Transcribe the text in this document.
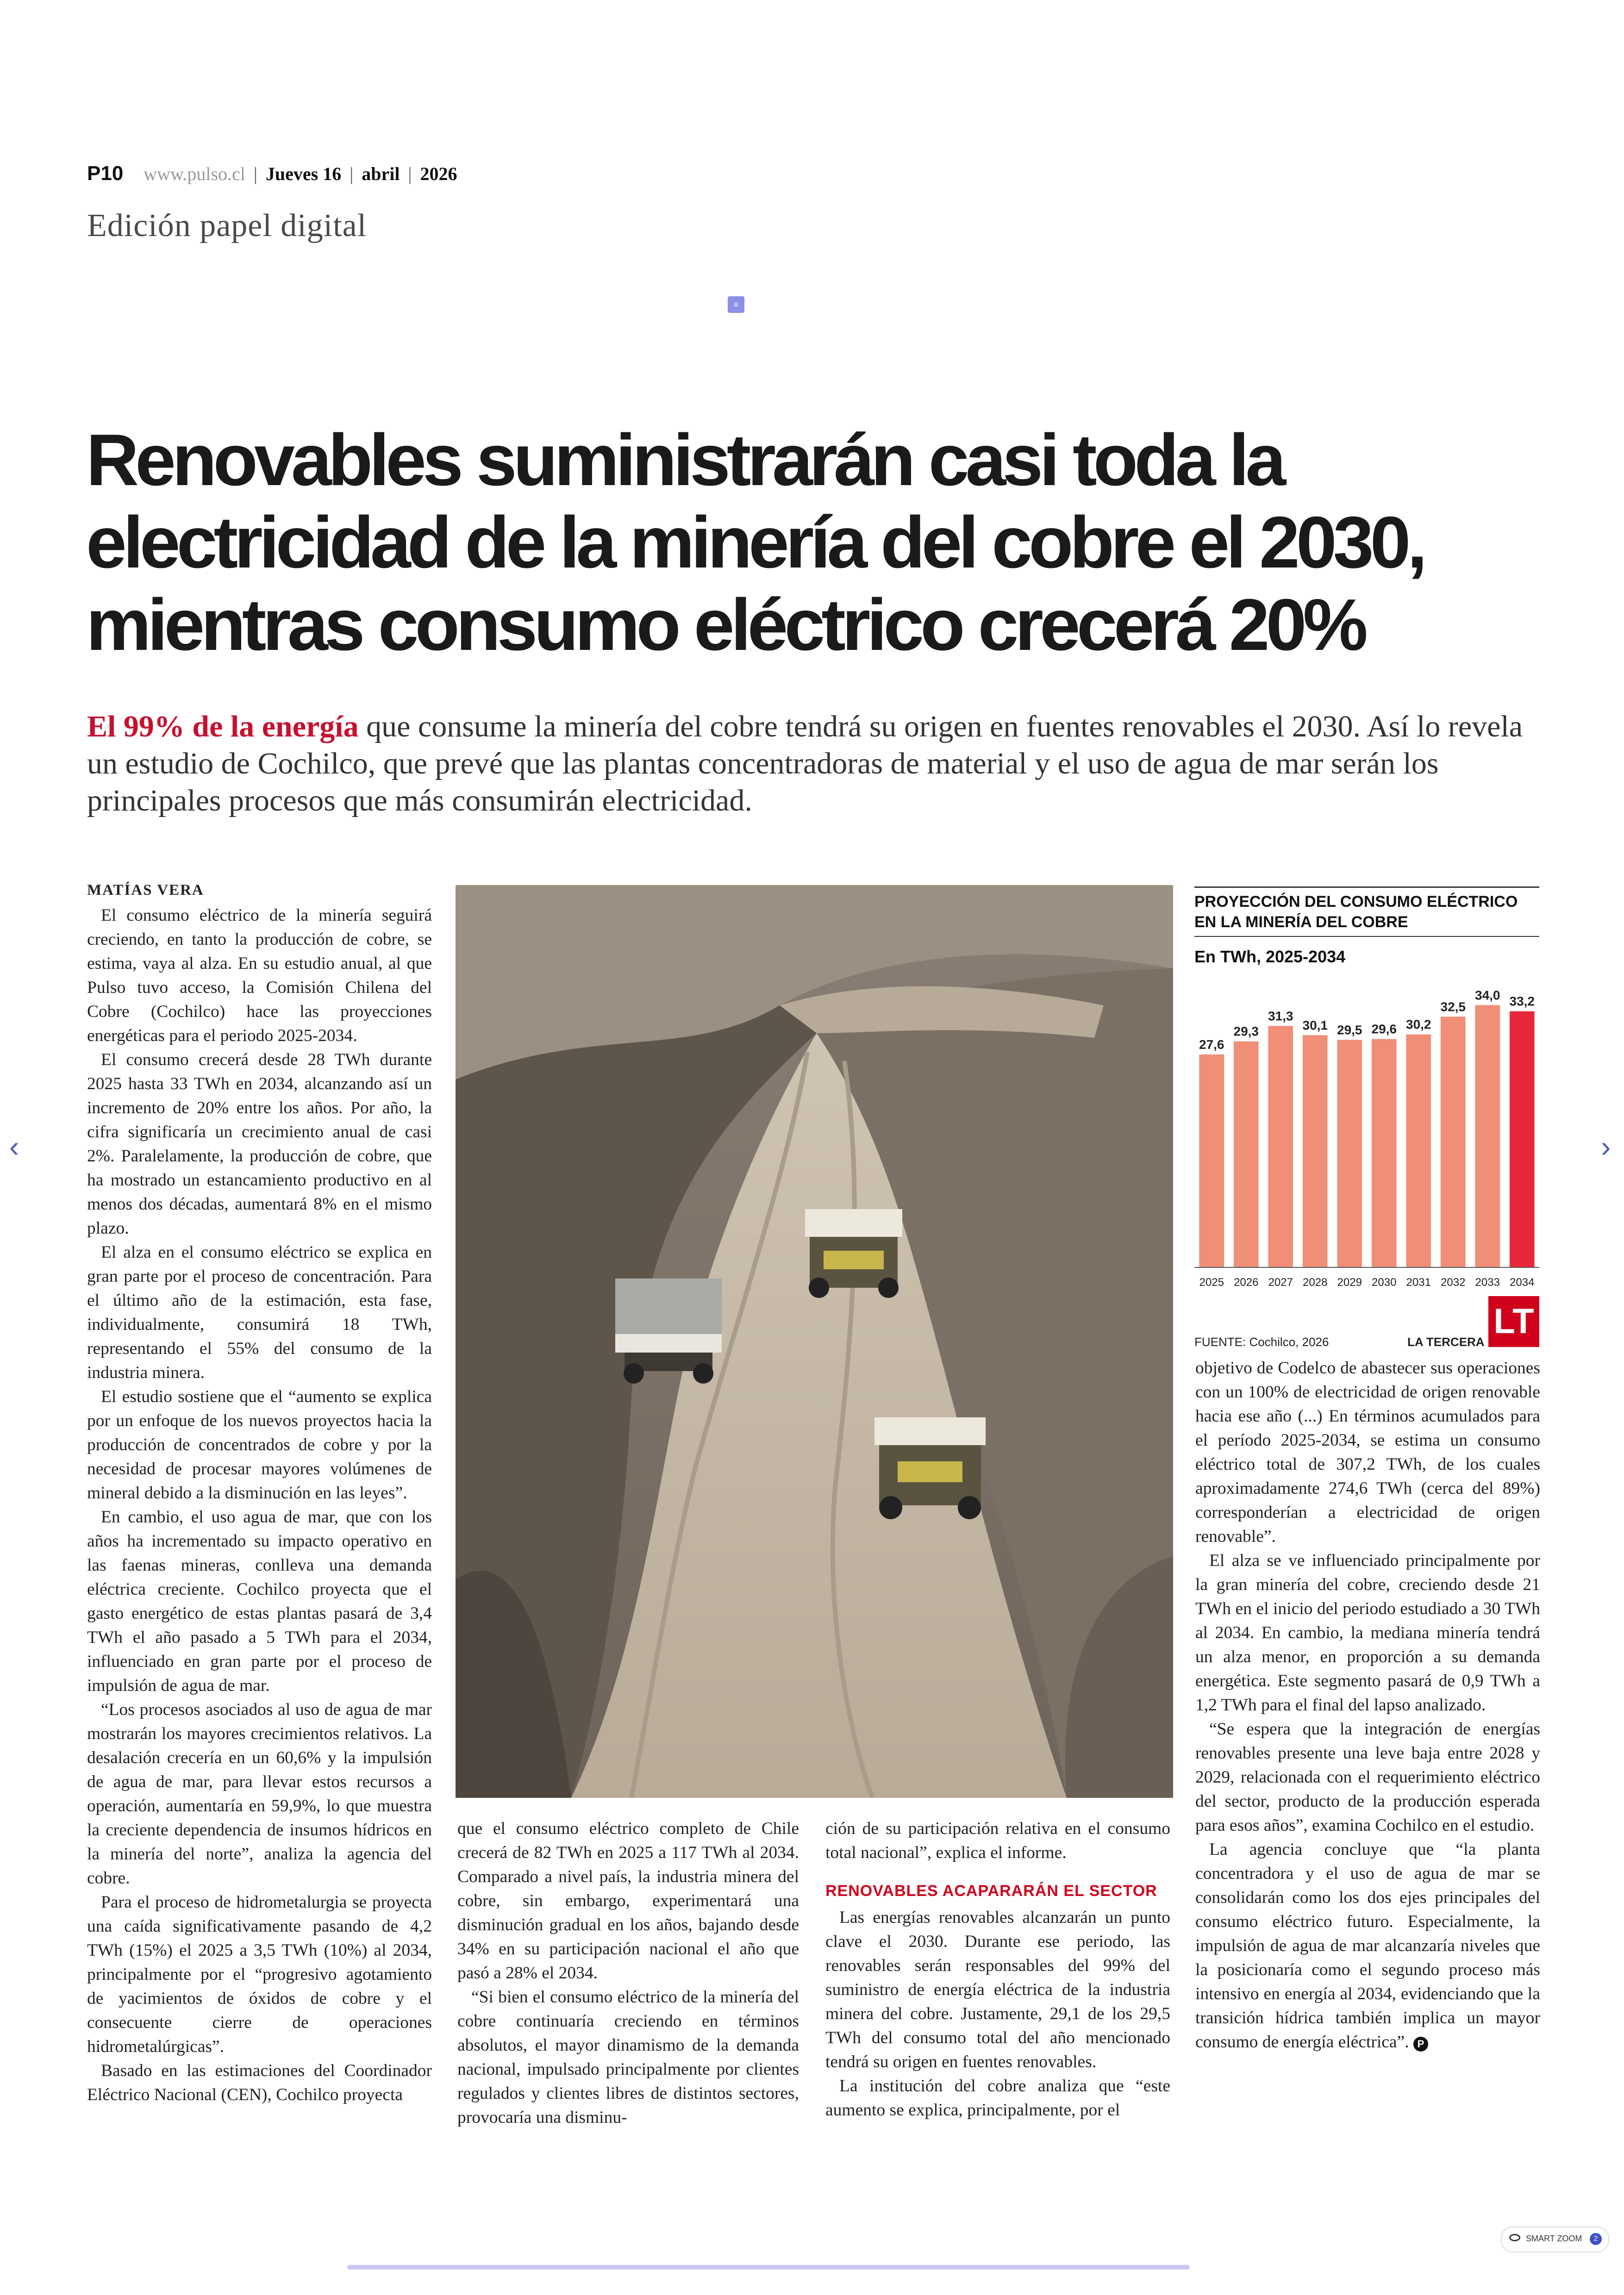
P10 www.pulso.cl | Jueves 16 | abril | 2026
Edición papel digital
≡
Renovables suministrarán casi toda la electricidad de la minería del cobre el 2030, mientras consumo eléctrico crecerá 20%

El 99% de la energía que consume la minería del cobre tendrá su origen en fuentes renovables el 2030. Así lo revela un estudio de Cochilco, que prevé que las plantas concentradoras de material y el uso de agua de mar serán los principales procesos que más consumirán electricidad.

MATÍAS VERA

El consumo eléctrico de la minería seguirá creciendo, en tanto la producción de cobre, se estima, vaya al alza. En su estudio anual, al que Pulso tuvo acceso, la Comisión Chilena del Cobre (Cochilco) hace las proyecciones energéticas para el periodo 2025-2034.

El consumo crecerá desde 28 TWh durante 2025 hasta 33 TWh en 2034, alcanzando así un incremento de 20% entre los años. Por año, la cifra significaría un crecimiento anual de casi 2%. Paralelamente, la producción de cobre, que ha mostrado un estancamiento productivo en al menos dos décadas, aumentará 8% en el mismo plazo.

El alza en el consumo eléctrico se explica en gran parte por el proceso de concentración. Para el último año de la estimación, esta fase, individualmente, consumirá 18 TWh, representando el 55% del consumo de la industria minera.

El estudio sostiene que el “aumento se explica por un enfoque de los nuevos proyectos hacia la producción de concentrados de cobre y por la necesidad de procesar mayores volúmenes de mineral debido a la disminución en las leyes”.

En cambio, el uso agua de mar, que con los años ha incrementado su impacto operativo en las faenas mineras, conlleva una demanda eléctrica creciente. Cochilco proyecta que el gasto energético de estas plantas pasará de 3,4 TWh el año pasado a 5 TWh para el 2034, influenciado en gran parte por el proceso de impulsión de agua de mar.

“Los procesos asociados al uso de agua de mar mostrarán los mayores crecimientos relativos. La desalación crecería en un 60,6% y la impulsión de agua de mar, para llevar estos recursos a operación, aumentaría en 59,9%, lo que muestra la creciente dependencia de insumos hídricos en la minería del norte”, analiza la agencia del cobre.

Para el proceso de hidrometalurgia se proyecta una caída significativamente pasando de 4,2 TWh (15%) el 2025 a 3,5 TWh (10%) al 2034, principalmente por el “progresivo agotamiento de yacimientos de óxidos de cobre y el consecuente cierre de operaciones hidrometalúrgicas”.

Basado en las estimaciones del Coordinador Eléctrico Nacional (CEN), Cochilco proyecta

que el consumo eléctrico completo de Chile crecerá de 82 TWh en 2025 a 117 TWh al 2034. Comparado a nivel país, la industria minera del cobre, sin embargo, experimentará una disminución gradual en los años, bajando desde 34% en su participación nacional el año que pasó a 28% el 2034.

“Si bien el consumo eléctrico de la minería del cobre continuaría creciendo en términos absolutos, el mayor dinamismo de la demanda nacional, impulsado principalmente por clientes regulados y clientes libres de distintos sectores, provocaría una disminu-

ción de su participación relativa en el consumo total nacional”, explica el informe.

RENOVABLES ACAPARARÁN EL SECTOR

Las energías renovables alcanzarán un punto clave el 2030. Durante ese periodo, las renovables serán responsables del 99% del suministro de energía eléctrica de la industria minera del cobre. Justamente, 29,1 de los 29,5 TWh del consumo total del año mencionado tendrá su origen en fuentes renovables.

La institución del cobre analiza que “este aumento se explica, principalmente, por el

PROYECCIÓN DEL CONSUMO ELÉCTRICO EN LA MINERÍA DEL COBRE
En TWh, 2025-2034
27,6
2025
29,3
2026
31,3
2027
30,1
2028
29,5
2029
29,6
2030
30,2
2031
32,5
2032
34,0
2033
33,2
2034
FUENTE: Cochilco, 2026	LA TERCERA
LT

objetivo de Codelco de abastecer sus operaciones con un 100% de electricidad de origen renovable hacia ese año (...) En términos acumulados para el período 2025-2034, se estima un consumo eléctrico total de 307,2 TWh, de los cuales aproximadamente 274,6 TWh (cerca del 89%) corresponderían a electricidad de origen renovable”.

El alza se ve influenciado principalmente por la gran minería del cobre, creciendo desde 21 TWh en el inicio del periodo estudiado a 30 TWh al 2034. En cambio, la mediana minería tendrá un alza menor, en proporción a su demanda energética. Este segmento pasará de 0,9 TWh a 1,2 TWh para el final del lapso analizado.

“Se espera que la integración de energías renovables presente una leve baja entre 2028 y 2029, relacionada con el requerimiento eléctrico del sector, producto de la producción esperada para esos años”, examina Cochilco en el estudio.

La agencia concluye que “la planta concentradora y el uso de agua de mar se consolidarán como los dos ejes principales del consumo eléctrico futuro. Especialmente, la impulsión de agua de mar alcanzaría niveles que la posicionaría como el segundo proceso más intensivo en energía al 2034, evidenciando que la transición hídrica también implica un mayor consumo de energía eléctrica”. P

‹	›
SMART ZOOM	2
